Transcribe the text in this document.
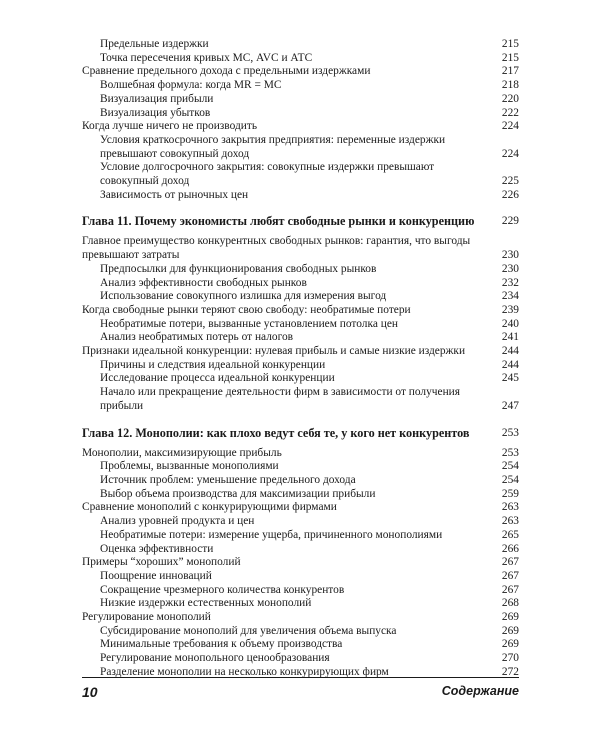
Предельные издержки	215
Точка пересечения кривых МС, AVC и АТС	215
Сравнение предельного дохода с предельными издержками	217
Волшебная формула: когда MR = МС	218
Визуализация прибыли	220
Визуализация убытков	222
Когда лучше ничего не производить	224
Условия краткосрочного закрытия предприятия: переменные издержки превышают совокупный доход	224
Условие долгосрочного закрытия: совокупные издержки превышают совокупный доход	225
Зависимость от рыночных цен	226
Глава 11. Почему экономисты любят свободные рынки и конкуренцию 229
Главное преимущество конкурентных свободных рынков: гарантия, что выгоды превышают затраты	230
Предпосылки для функционирования свободных рынков	230
Анализ эффективности свободных рынков	232
Использование совокупного излишка для измерения выгод	234
Когда свободные рынки теряют свою свободу: необратимые потери	239
Необратимые потери, вызванные установлением потолка цен	240
Анализ необратимых потерь от налогов	241
Признаки идеальной конкуренции: нулевая прибыль и самые низкие издержки	244
Причины и следствия идеальной конкуренции	244
Исследование процесса идеальной конкуренции	245
Начало или прекращение деятельности фирм в зависимости от получения прибыли	247
Глава 12. Монополии: как плохо ведут себя те, у кого нет конкурентов	253
Монополии, максимизирующие прибыль	253
Проблемы, вызванные монополиями	254
Источник проблем: уменьшение предельного дохода	254
Выбор объема производства для максимизации прибыли	259
Сравнение монополий с конкурирующими фирмами	263
Анализ уровней продукта и цен	263
Необратимые потери: измерение ущерба, причиненного монополиями	265
Оценка эффективности	266
Примеры “хороших” монополий	267
Поощрение инноваций	267
Сокращение чрезмерного количества конкурентов	267
Низкие издержки естественных монополий	268
Регулирование монополий	269
Субсидирование монополий для увеличения объема выпуска	269
Минимальные требования к объему производства	269
Регулирование монопольного ценообразования	270
Разделение монополии на несколько конкурирующих фирм	272
10	Содержание
